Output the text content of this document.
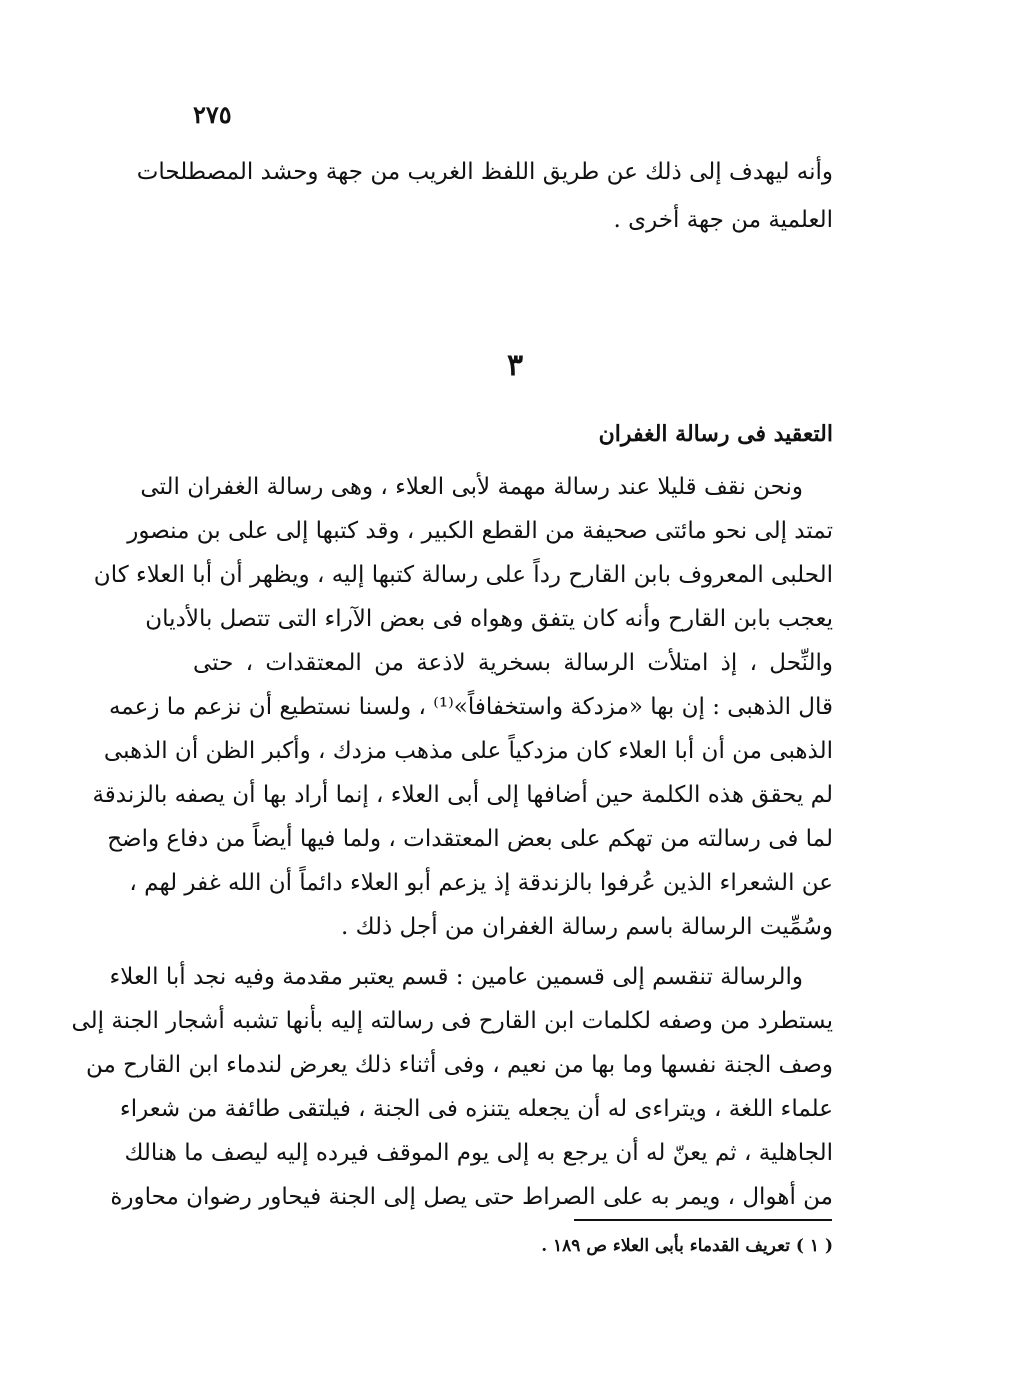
٢٧٥
وأنه ليهدف إلى ذلك عن طريق اللفظ الغريب من جهة وحشد المصطلحات
العلمية من جهة أخرى .
٣
التعقيد فى رسالة الغفران
ونحن نقف قليلا عند رسالة مهمة لأبى العلاء ، وهى رسالة الغفران التى
تمتد إلى نحو مائتى صحيفة من القطع الكبير ، وقد كتبها إلى على بن منصور
الحلبى المعروف بابن القارح رداً على رسالة كتبها إليه ، ويظهر أن أبا العلاء كان
يعجب بابن القارح وأنه كان يتفق وهواه فى بعض الآراء التى تتصل بالأديان
والنِّحل ، إذ امتلأت الرسالة بسخرية لاذعة من المعتقدات ، حتى
قال الذهبى : إن بها «مزدكة واستخفافاً»⁽¹⁾ ، ولسنا نستطيع أن نزعم ما زعمه
الذهبى من أن أبا العلاء كان مزدكياً على مذهب مزدك ، وأكبر الظن أن الذهبى
لم يحقق هذه الكلمة حين أضافها إلى أبى العلاء ، إنما أراد بها أن يصفه بالزندقة
لما فى رسالته من تهكم على بعض المعتقدات ، ولما فيها أيضاً من دفاع واضح
عن الشعراء الذين عُرفوا بالزندقة إذ يزعم أبو العلاء دائماً أن الله غفر لهم ،
وسُمِّيت الرسالة باسم رسالة الغفران من أجل ذلك .
والرسالة تنقسم إلى قسمين عامين : قسم يعتبر مقدمة وفيه نجد أبا العلاء
يستطرد من وصفه لكلمات ابن القارح فى رسالته إليه بأنها تشبه أشجار الجنة إلى
وصف الجنة نفسها وما بها من نعيم ، وفى أثناء ذلك يعرض لندماء ابن القارح من
علماء اللغة ، ويتراءى له أن يجعله يتنزه فى الجنة ، فيلتقى طائفة من شعراء
الجاهلية ، ثم يعنّ له أن يرجع به إلى يوم الموقف فيرده إليه ليصف ما هنالك
من أهوال ، ويمر به على الصراط حتى يصل إلى الجنة فيحاور رضوان محاورة
( ١ ) تعريف القدماء بأبى العلاء ص ١٨٩ .
